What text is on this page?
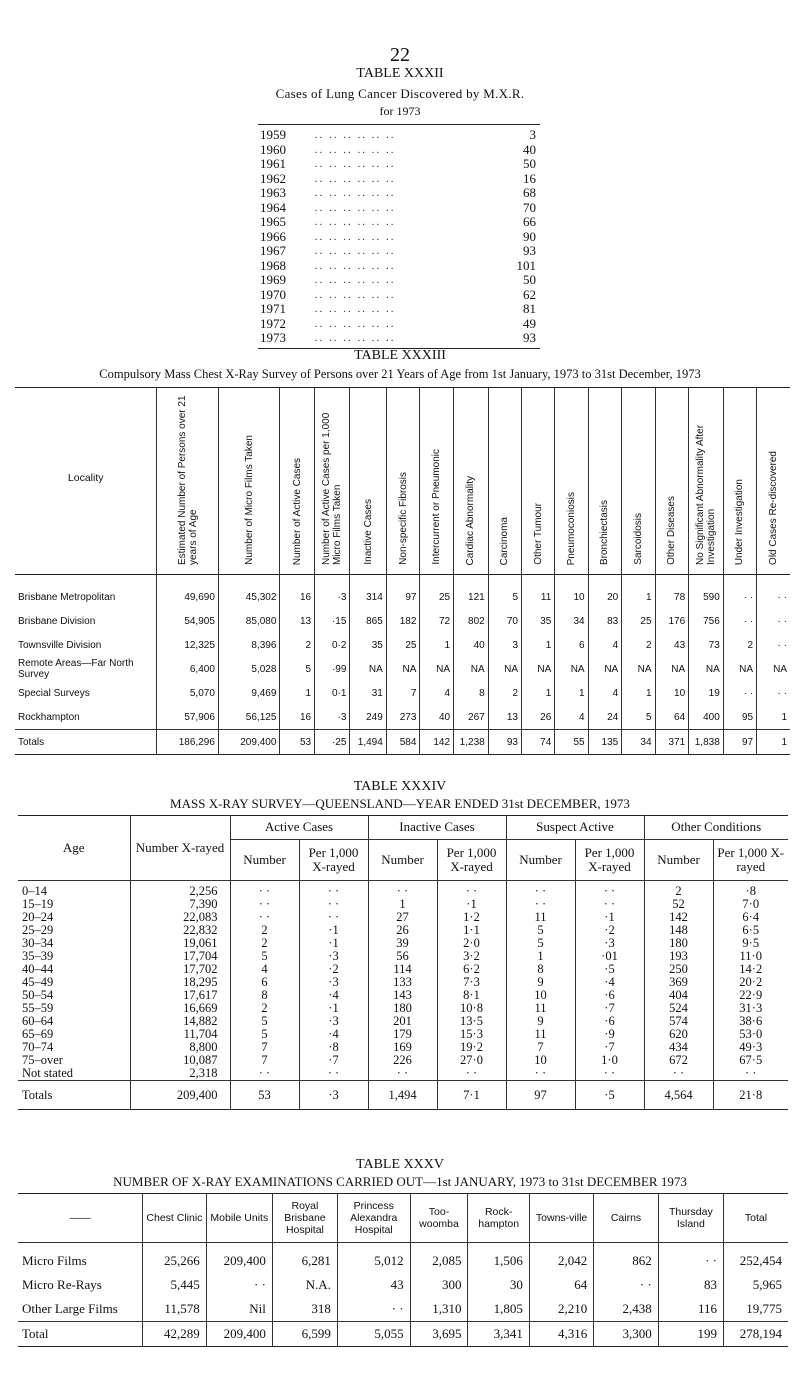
22
TABLE XXXII
Cases of Lung Cancer Discovered by M.X.R.
for 1973
1959	.. .. .. .. .. ..	3
1960	.. .. .. .. .. ..	40
1961	.. .. .. .. .. ..	50
1962	.. .. .. .. .. ..	16
1963	.. .. .. .. .. ..	68
1964	.. .. .. .. .. ..	70
1965	.. .. .. .. .. ..	66
1966	.. .. .. .. .. ..	90
1967	.. .. .. .. .. ..	93
1968	.. .. .. .. .. ..	101
1969	.. .. .. .. .. ..	50
1970	.. .. .. .. .. ..	62
1971	.. .. .. .. .. ..	81
1972	.. .. .. .. .. ..	49
1973	.. .. .. .. .. ..	93
TABLE XXXIII
Compulsory Mass Chest X-Ray Survey of Persons over 21 Years of Age from 1st January, 1973 to 31st December, 1973
Locality	Estimated Number of Persons over 21 years of Age	Number of Micro Films Taken	Number of Active Cases	Number of Active Cases per 1,000 Micro Films Taken	Inactive Cases	Non-specific Fibrosis	Intercurrent or Pneumonic	Cardiac Abnormality	Carcinoma	Other Tumour	Pneumoconiosis	Bronchiectasis	Sarcoidosis	Other Diseases	No Significant Abnormality After Investigation	Under Investigation	Old Cases Re-discovered
Brisbane Metropolitan	49,690	45,302	16	·3	314	97	25	121	5	11	10	20	1	78	590	· ·	· ·
Brisbane Division	54,905	85,080	13	·15	865	182	72	802	70	35	34	83	25	176	756	· ·	· ·
Townsville Division	12,325	8,396	2	0·2	35	25	1	40	3	1	6	4	2	43	73	2	· ·
Remote Areas—Far North Survey	6,400	5,028	5	·99	NA	NA	NA	NA	NA	NA	NA	NA	NA	NA	NA	NA	NA
Special Surveys	5,070	9,469	1	0·1	31	7	4	8	2	1	1	4	1	10	19	· ·	· ·
Rockhampton	57,906	56,125	16	·3	249	273	40	267	13	26	4	24	5	64	400	95	1
Totals	186,296	209,400	53	·25	1,494	584	142	1,238	93	74	55	135	34	371	1,838	97	1
TABLE XXXIV
MASS X-RAY SURVEY—QUEENSLAND—YEAR ENDED 31st DECEMBER, 1973
Age	Number X-rayed	Active Cases		Inactive Cases		Suspect Active		Other Conditions	
		Number	Per 1,000 X-rayed	Number	Per 1,000 X-rayed	Number	Per 1,000 X-rayed	Number	Per 1,000 X-rayed
0–14	2,256	· ·	· ·	· ·	· ·	· ·	· ·	2	·8
15–19	7,390	· ·	· ·	1	·1	· ·	· ·	52	7·0
20–24	22,083	· ·	· ·	27	1·2	11	·1	142	6·4
25–29	22,832	2	·1	26	1·1	5	·2	148	6·5
30–34	19,061	2	·1	39	2·0	5	·3	180	9·5
35–39	17,704	5	·3	56	3·2	1	·01	193	11·0
40–44	17,702	4	·2	114	6·2	8	·5	250	14·2
45–49	18,295	6	·3	133	7·3	9	·4	369	20·2
50–54	17,617	8	·4	143	8·1	10	·6	404	22·9
55–59	16,669	2	·1	180	10·8	11	·7	524	31·3
60–64	14,882	5	·3	201	13·5	9	·6	574	38·6
65–69	11,704	5	·4	179	15·3	11	·9	620	53·0
70–74	8,800	7	·8	169	19·2	7	·7	434	49·3
75–over	10,087	7	·7	226	27·0	10	1·0	672	67·5
Not stated	2,318	· ·	· ·	· ·	· ·	· ·	· ·	· ·	· ·
Totals	209,400	53	·3	1,494	7·1	97	·5	4,564	21·8
TABLE XXXV
NUMBER OF X-RAY EXAMINATIONS CARRIED OUT—1st JANUARY, 1973 to 31st DECEMBER 1973
——	Chest Clinic	Mobile Units	Royal Brisbane Hospital	Princess Alexandra Hospital	Too-woomba	Rock-hampton	Towns-ville	Cairns	Thursday Island	Total
Micro Films	25,266	209,400	6,281	5,012	2,085	1,506	2,042	862	· ·	252,454
Micro Re-Rays	5,445	· ·	N.A.	43	300	30	64	· ·	83	5,965
Other Large Films	11,578	Nil	318	· ·	1,310	1,805	2,210	2,438	116	19,775
Total	42,289	209,400	6,599	5,055	3,695	3,341	4,316	3,300	199	278,194
